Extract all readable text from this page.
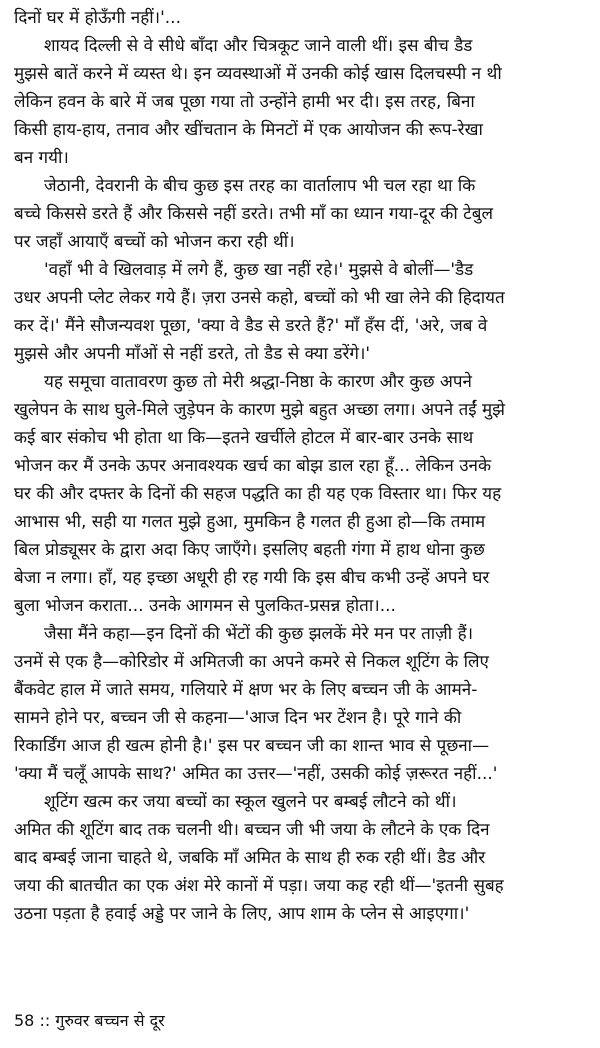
दिनों घर में होऊँगी नहीं।'...
शायद दिल्ली से वे सीधे बाँदा और चित्रकूट जाने वाली थीं। इस बीच डैड
मुझसे बातें करने में व्यस्त थे। इन व्यवस्थाओं में उनकी कोई खास दिलचस्पी न थी
लेकिन हवन के बारे में जब पूछा गया तो उन्होंने हामी भर दी। इस तरह, बिना
किसी हाय-हाय, तनाव और खींचतान के मिनटों में एक आयोजन की रूप-रेखा
बन गयी।
जेठानी, देवरानी के बीच कुछ इस तरह का वार्तालाप भी चल रहा था कि
बच्चे किससे डरते हैं और किससे नहीं डरते। तभी माँ का ध्यान गया-दूर की टेबुल
पर जहाँ आयाएँ बच्चों को भोजन करा रही थीं।
'वहाँ भी वे खिलवाड़ में लगे हैं, कुछ खा नहीं रहे।' मुझसे वे बोलीं—'डैड
उधर अपनी प्लेट लेकर गये हैं। ज़रा उनसे कहो, बच्चों को भी खा लेने की हिदायत
कर दें।' मैंने सौजन्यवश पूछा, 'क्या वे डैड से डरते हैं?' माँ हँस दीं, 'अरे, जब वे
मुझसे और अपनी माँओं से नहीं डरते, तो डैड से क्या डरेंगे।'
यह समूचा वातावरण कुछ तो मेरी श्रद्धा-निष्ठा के कारण और कुछ अपने
खुलेपन के साथ घुले-मिले जुड़ेपन के कारण मुझे बहुत अच्छा लगा। अपने तईं मुझे
कई बार संकोच भी होता था कि—इतने खर्चीले होटल में बार-बार उनके साथ
भोजन कर मैं उनके ऊपर अनावश्यक खर्च का बोझ डाल रहा हूँ... लेकिन उनके
घर की और दफ्तर के दिनों की सहज पद्धति का ही यह एक विस्तार था। फिर यह
आभास भी, सही या गलत मुझे हुआ, मुमकिन है गलत ही हुआ हो—कि तमाम
बिल प्रोड्यूसर के द्वारा अदा किए जाएँगे। इसलिए बहती गंगा में हाथ धोना कुछ
बेजा न लगा। हाँ, यह इच्छा अधूरी ही रह गयी कि इस बीच कभी उन्हें अपने घर
बुला भोजन कराता... उनके आगमन से पुलकित-प्रसन्न होता।...
जैसा मैंने कहा—इन दिनों की भेंटों की कुछ झलकें मेरे मन पर ताज़ी हैं।
उनमें से एक है—कोरिडोर में अमितजी का अपने कमरे से निकल शूटिंग के लिए
बैंकवेट हाल में जाते समय, गलियारे में क्षण भर के लिए बच्चन जी के आमने-
सामने होने पर, बच्चन जी से कहना—'आज दिन भर टेंशन है। पूरे गाने की
रिकार्डिंग आज ही खत्म होनी है।' इस पर बच्चन जी का शान्त भाव से पूछना—
'क्या मैं चलूँ आपके साथ?' अमित का उत्तर—'नहीं, उसकी कोई ज़रूरत नहीं...'
शूटिंग खत्म कर जया बच्चों का स्कूल खुलने पर बम्बई लौटने को थीं।
अमित की शूटिंग बाद तक चलनी थी। बच्चन जी भी जया के लौटने के एक दिन
बाद बम्बई जाना चाहते थे, जबकि माँ अमित के साथ ही रुक रही थीं। डैड और
जया की बातचीत का एक अंश मेरे कानों में पड़ा। जया कह रही थीं—'इतनी सुबह
उठना पड़ता है हवाई अड्डे पर जाने के लिए, आप शाम के प्लेन से आइएगा।'
58 :: गुरुवर बच्चन से दूर
